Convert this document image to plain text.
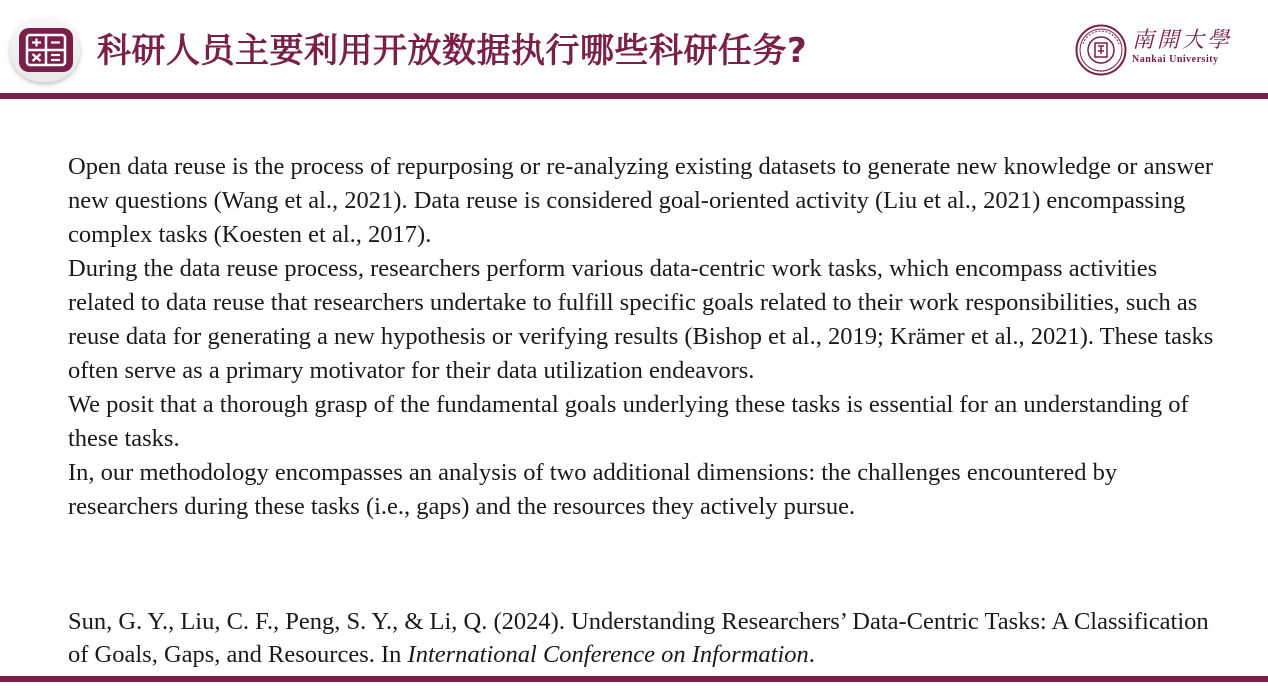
科研人员主要利用开放数据执行哪些科研任务?	南開大學
Nankai University

Open data reuse is the process of repurposing or re-analyzing existing datasets to generate new knowledge or answer new questions (Wang et al., 2021). Data reuse is considered goal-oriented activity (Liu et al., 2021) encompassing complex tasks (Koesten et al., 2017).

During the data reuse process, researchers perform various data-centric work tasks, which encompass activities related to data reuse that researchers undertake to fulfill specific goals related to their work responsibilities, such as reuse data for generating a new hypothesis or verifying results (Bishop et al., 2019; Krämer et al., 2021). These tasks often serve as a primary motivator for their data utilization endeavors.

We posit that a thorough grasp of the fundamental goals underlying these tasks is essential for an understanding of these tasks.

In, our methodology encompasses an analysis of two additional dimensions: the challenges encountered by researchers during these tasks (i.e., gaps) and the resources they actively pursue.

Sun, G. Y., Liu, C. F., Peng, S. Y., & Li, Q. (2024). Understanding Researchers’ Data-Centric Tasks: A Classification of Goals, Gaps, and Resources. In International Conference on Information.
